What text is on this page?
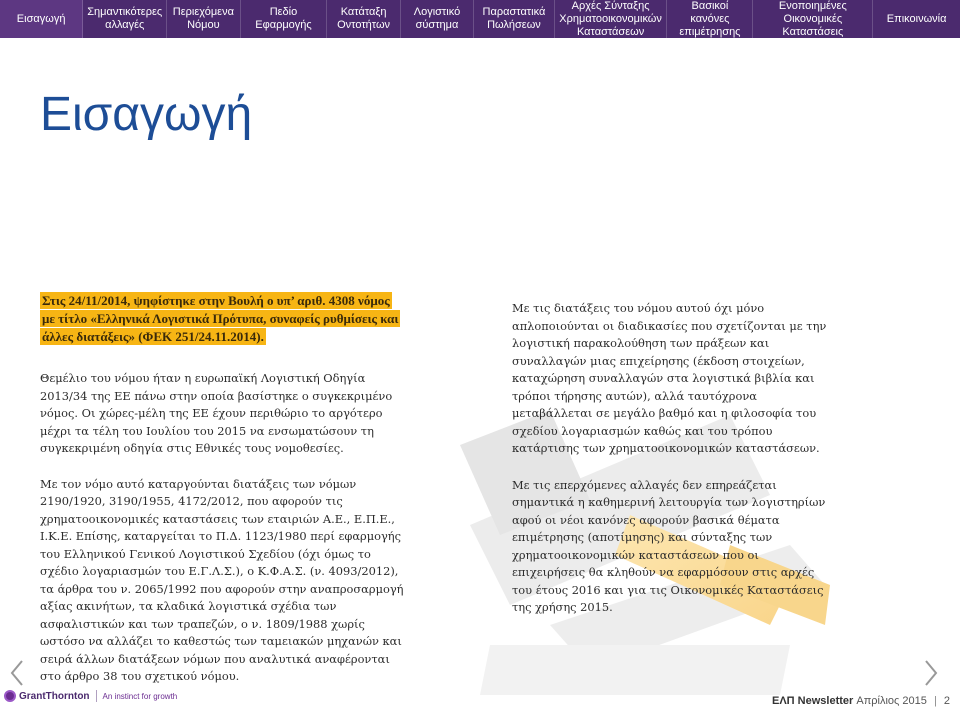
Εισαγωγή
Σημαντικότερες αλλαγές
Περιεχόμενα Νόμου
Πεδίο Εφαρμογής
Κατάταξη Οντοτήτων
Λογιστικό σύστημα
Παραστατικά Πωλήσεων
Αρχές Σύνταξης Χρηματοοικονομικών Καταστάσεων
Βασικοί κανόνες επιμέτρησης
Ενοποιημένες Οικονομικές Καταστάσεις
Επικοινωνία
Εισαγωγή
Στις 24/11/2014, ψηφίστηκε στην Βουλή ο υπ’ αριθ. 4308 νόμος με τίτλο «Ελληνικά Λογιστικά Πρότυπα, συναφείς ρυθμίσεις και άλλες διατάξεις» (ΦΕΚ 251/24.11.2014).

Θεμέλιο του νόμου ήταν η ευρωπαϊκή Λογιστική Οδηγία 2013/34 της ΕΕ πάνω στην οποία βασίστηκε ο συγκεκριμένο νόμος. Οι χώρες-μέλη της ΕΕ έχουν περιθώριο το αργότερο μέχρι τα τέλη του Ιουλίου του 2015 να ενσωματώσουν τη συγκεκριμένη οδηγία στις Εθνικές τους νομοθεσίες.

Με τον νόμο αυτό καταργούνται διατάξεις των νόμων 2190/1920, 3190/1955, 4172/2012, που αφορούν τις χρηματοοικονομικές καταστάσεις των εταιριών Α.Ε., Ε.Π.Ε., Ι.Κ.Ε. Επίσης, καταργείται το Π.Δ. 1123/1980 περί εφαρμογής του Ελληνικού Γενικού Λογιστικού Σχεδίου (όχι όμως το σχέδιο λογαριασμών του Ε.Γ.Λ.Σ.), ο Κ.Φ.Α.Σ. (ν. 4093/2012), τα άρθρα του ν. 2065/1992 που αφορούν στην αναπροσαρμογή αξίας ακινήτων, τα κλαδικά λογιστικά σχέδια των ασφαλιστικών και των τραπεζών, ο ν. 1809/1988 χωρίς ωστόσο να αλλάζει το καθεστώς των ταμειακών μηχανών και σειρά άλλων διατάξεων νόμων που αναλυτικά αναφέρονται στο άρθρο 38 του σχετικού νόμου.

Με τις διατάξεις του νόμου αυτού όχι μόνο απλοποιούνται οι διαδικασίες που σχετίζονται με την λογιστική παρακολούθηση των πράξεων και συναλλαγών μιας επιχείρησης (έκδοση στοιχείων, καταχώρηση συναλλαγών στα λογιστικά βιβλία και τρόποι τήρησης αυτών), αλλά ταυτόχρονα μεταβάλλεται σε μεγάλο βαθμό και η φιλοσοφία του σχεδίου λογαριασμών καθώς και του τρόπου κατάρτισης των χρηματοοικονομικών καταστάσεων.

Με τις επερχόμενες αλλαγές δεν επηρεάζεται σημαντικά η καθημερινή λειτουργία των λογιστηρίων αφού οι νέοι κανόνες αφορούν βασικά θέματα επιμέτρησης (αποτίμησης) και σύνταξης των χρηματοοικονομικών καταστάσεων που οι επιχειρήσεις θα κληθούν να εφαρμόσουν στις αρχές του έτους 2016 και για τις Οικονομικές Καταστάσεις της χρήσης 2015.

GrantThornton An instinct for growth	ΕΛΠ Newsletter Απρίλιος 2015 | 2
